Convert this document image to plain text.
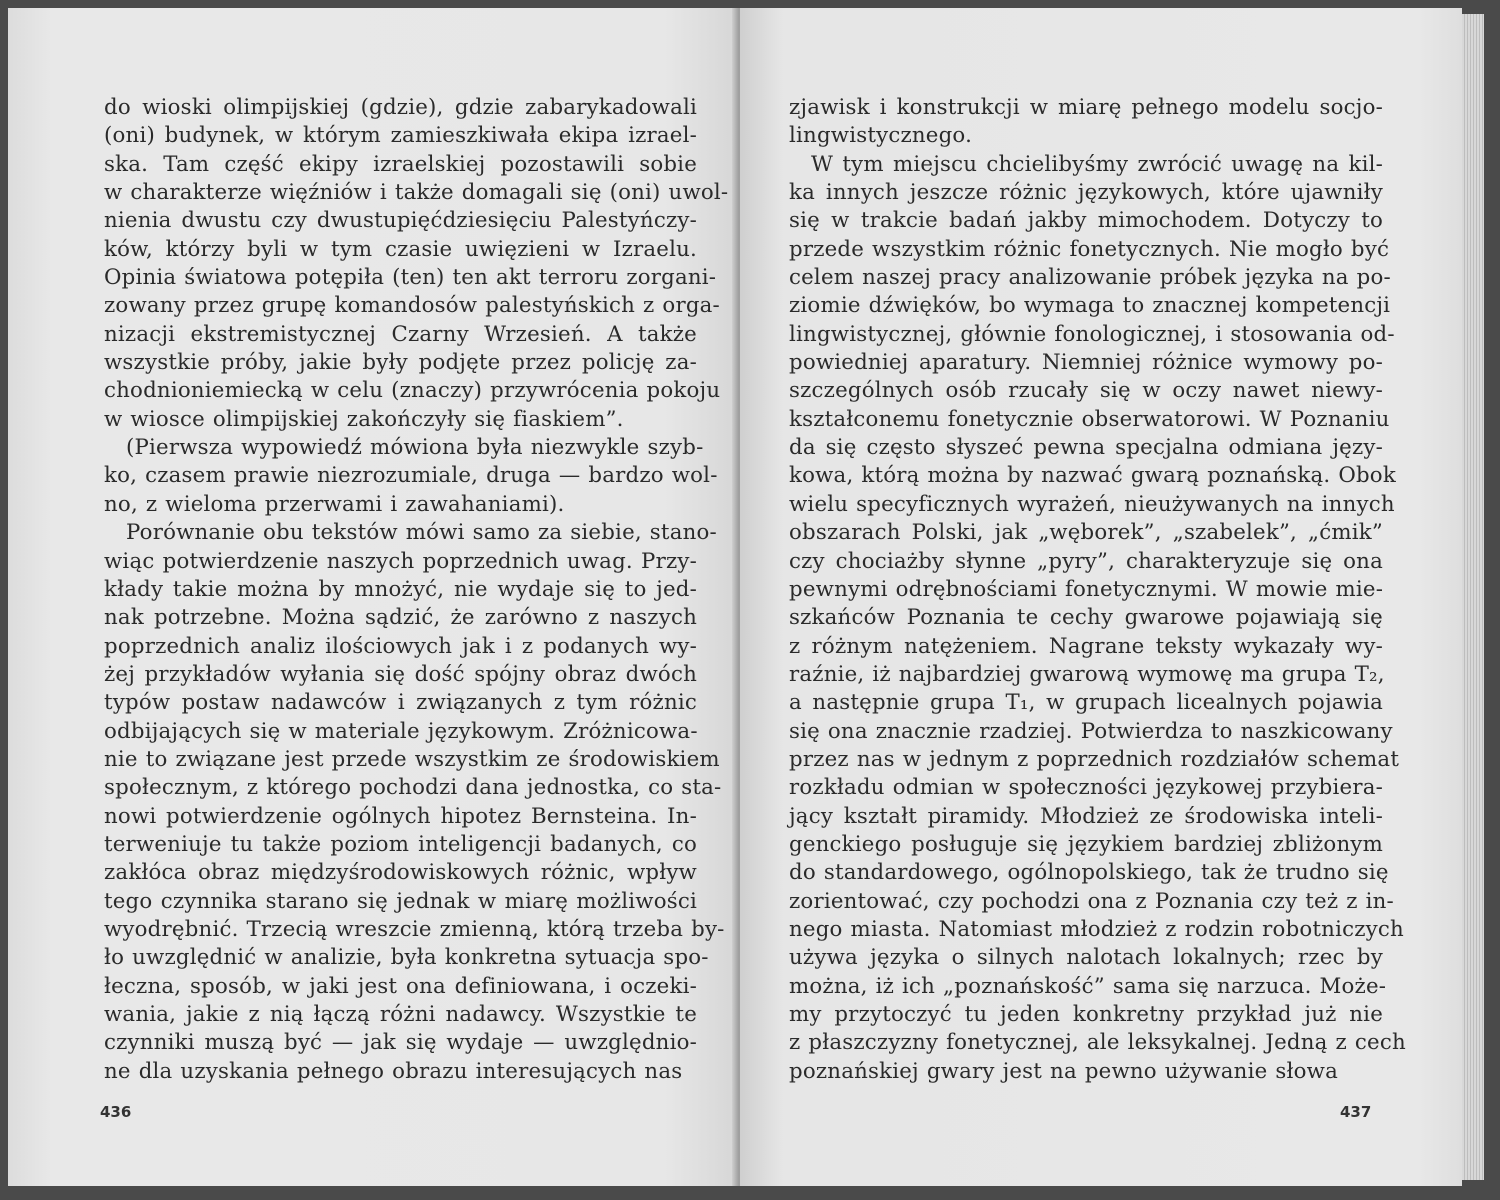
do wioski olimpijskiej (gdzie), gdzie zabarykadowali
(oni) budynek, w którym zamieszkiwała ekipa izrael-
ska. Tam część ekipy izraelskiej pozostawili sobie
w charakterze więźniów i także domagali się (oni) uwol-
nienia dwustu czy dwustupięćdziesięciu Palestyńczy-
ków, którzy byli w tym czasie uwięzieni w Izraelu.
Opinia światowa potępiła (ten) ten akt terroru zorgani-
zowany przez grupę komandosów palestyńskich z orga-
nizacji ekstremistycznej Czarny Wrzesień. A także
wszystkie próby, jakie były podjęte przez policję za-
chodnioniemiecką w celu (znaczy) przywrócenia pokoju
w wiosce olimpijskiej zakończyły się fiaskiem”.
(Pierwsza wypowiedź mówiona była niezwykle szyb-
ko, czasem prawie niezrozumiale, druga — bardzo wol-
no, z wieloma przerwami i zawahaniami).
Porównanie obu tekstów mówi samo za siebie, stano-
wiąc potwierdzenie naszych poprzednich uwag. Przy-
kłady takie można by mnożyć, nie wydaje się to jed-
nak potrzebne. Można sądzić, że zarówno z naszych
poprzednich analiz ilościowych jak i z podanych wy-
żej przykładów wyłania się dość spójny obraz dwóch
typów postaw nadawców i związanych z tym różnic
odbijających się w materiale językowym. Zróżnicowa-
nie to związane jest przede wszystkim ze środowiskiem
społecznym, z którego pochodzi dana jednostka, co sta-
nowi potwierdzenie ogólnych hipotez Bernsteina. In-
terweniuje tu także poziom inteligencji badanych, co
zakłóca obraz międzyśrodowiskowych różnic, wpływ
tego czynnika starano się jednak w miarę możliwości
wyodrębnić. Trzecią wreszcie zmienną, którą trzeba by-
ło uwzględnić w analizie, była konkretna sytuacja spo-
łeczna, sposób, w jaki jest ona definiowana, i oczeki-
wania, jakie z nią łączą różni nadawcy. Wszystkie te
czynniki muszą być — jak się wydaje — uwzględnio-
ne dla uzyskania pełnego obrazu interesujących nas
436
zjawisk i konstrukcji w miarę pełnego modelu socjo-
lingwistycznego.
W tym miejscu chcielibyśmy zwrócić uwagę na kil-
ka innych jeszcze różnic językowych, które ujawniły
się w trakcie badań jakby mimochodem. Dotyczy to
przede wszystkim różnic fonetycznych. Nie mogło być
celem naszej pracy analizowanie próbek języka na po-
ziomie dźwięków, bo wymaga to znacznej kompetencji
lingwistycznej, głównie fonologicznej, i stosowania od-
powiedniej aparatury. Niemniej różnice wymowy po-
szczególnych osób rzucały się w oczy nawet niewy-
kształconemu fonetycznie obserwatorowi. W Poznaniu
da się często słyszeć pewna specjalna odmiana języ-
kowa, którą można by nazwać gwarą poznańską. Obok
wielu specyficznych wyrażeń, nieużywanych na innych
obszarach Polski, jak „węborek”, „szabelek”, „ćmik”
czy chociażby słynne „pyry”, charakteryzuje się ona
pewnymi odrębnościami fonetycznymi. W mowie mie-
szkańców Poznania te cechy gwarowe pojawiają się
z różnym natężeniem. Nagrane teksty wykazały wy-
raźnie, iż najbardziej gwarową wymowę ma grupa T₂,
a następnie grupa T₁, w grupach licealnych pojawia
się ona znacznie rzadziej. Potwierdza to naszkicowany
przez nas w jednym z poprzednich rozdziałów schemat
rozkładu odmian w społeczności językowej przybiera-
jący kształt piramidy. Młodzież ze środowiska inteli-
genckiego posługuje się językiem bardziej zbliżonym
do standardowego, ogólnopolskiego, tak że trudno się
zorientować, czy pochodzi ona z Poznania czy też z in-
nego miasta. Natomiast młodzież z rodzin robotniczych
używa języka o silnych nalotach lokalnych; rzec by
można, iż ich „poznańskość” sama się narzuca. Może-
my przytoczyć tu jeden konkretny przykład już nie
z płaszczyzny fonetycznej, ale leksykalnej. Jedną z cech
poznańskiej gwary jest na pewno używanie słowa
437
